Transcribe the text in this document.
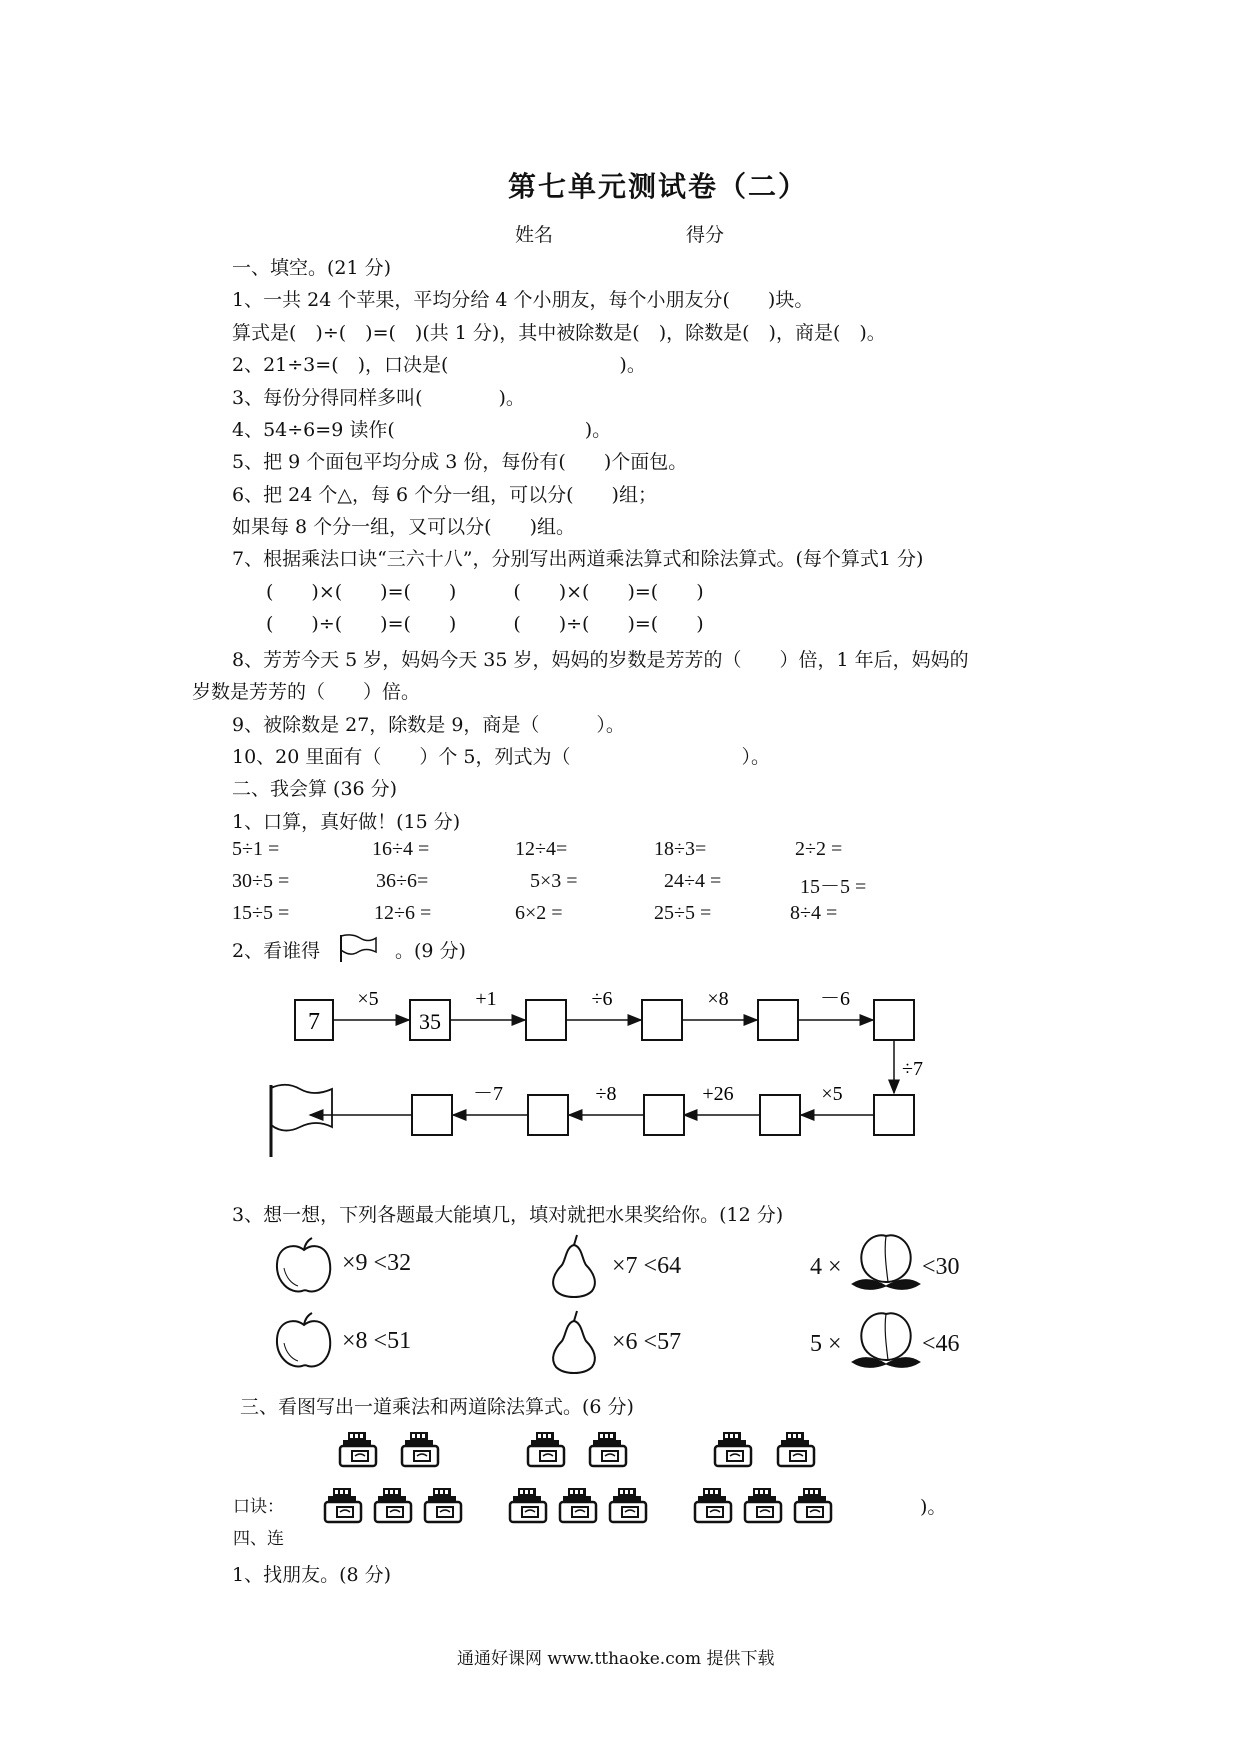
第七单元测试卷（二）
姓名	得分
一、填空。(21 分)
1、一共 24 个苹果，平均分给 4 个小朋友，每个小朋友分(　　)块。
算式是(　)÷(　)=(　)(共 1 分)，其中被除数是(　)，除数是(　)，商是(　)。
2、21÷3=(　)，口决是(　　　　　　　　　)。
3、每份分得同样多叫(　　　　)。
4、54÷6=9 读作(　　　　　　　　　　)。
5、把 9 个面包平均分成 3 份，每份有(　　)个面包。
6、把 24 个△，每 6 个分一组，可以分(　　)组；
如果每 8 个分一组，又可以分(　　)组。
7、根据乘法口诀“三六十八”，分别写出两道乘法算式和除法算式。(每个算式1 分)
(　　)×(　　)=(　　)　　　(　　)×(　　)=(　　)
(　　)÷(　　)=(　　)　　　(　　)÷(　　)=(　　)
8、芳芳今天 5 岁，妈妈今天 35 岁，妈妈的岁数是芳芳的（　　）倍，1 年后，妈妈的
岁数是芳芳的（　　）倍。
9、被除数是 27，除数是 9，商是（　　　）。
10、20 里面有（　　）个 5，列式为（　　　　　　　　　）。
二、我会算 (36 分)
1、口算，真好做！(15 分)
5÷1 =	16÷4 =	12÷4=	18÷3=	2÷2 =
30÷5 =	36÷6=	5×3 =	24÷4 =	15－5 =
15÷5 =	12÷6 =	6×2 =	25÷5 =	8÷4 =
2、看谁得	。(9 分)
7
×5
35
+1	÷6	×8	－6
÷7
×5
+26
÷8
－7
3、想一想，下列各题最大能填几，填对就把水果奖给你。(12 分)
×9 <32	×7 <64	4 ×	<30
×8 <51	×6 <57	5 ×	<46
三、看图写出一道乘法和两道除法算式。(6 分)
口诀：	)。
四、连
1、找朋友。(8 分)
通通好课网 www.tthaoke.com 提供下载
